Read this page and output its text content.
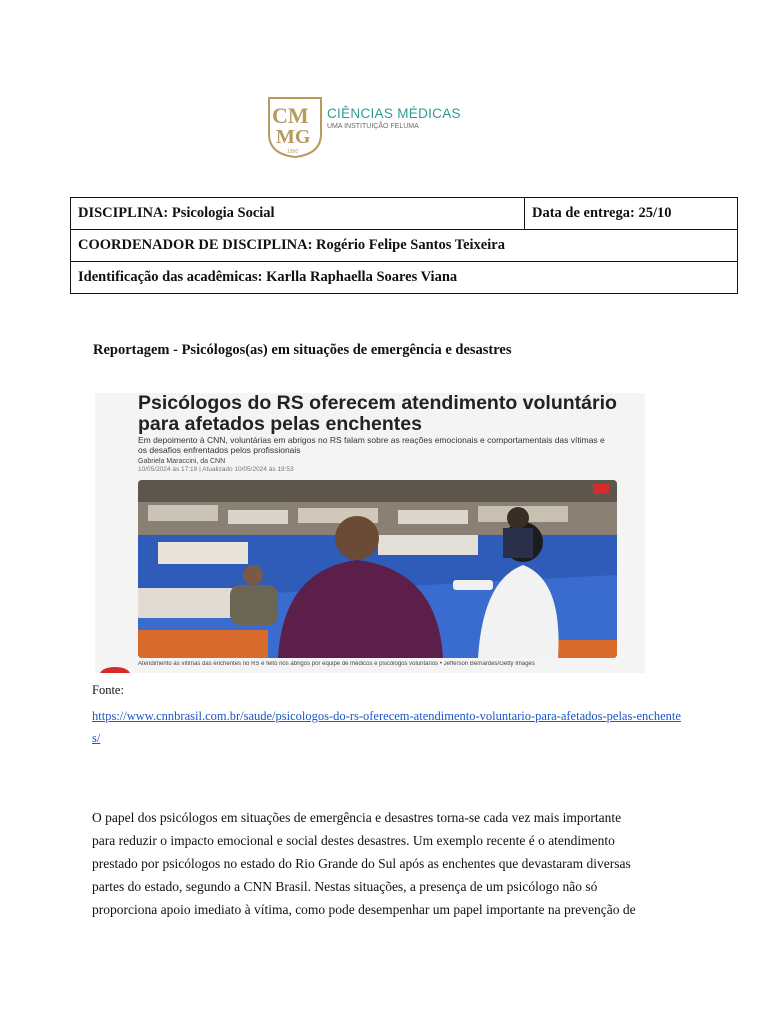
CM
MG
1950
CIÊNCIAS MÉDICAS
UMA INSTITUIÇÃO FELUMA
DISCIPLINA: Psicologia Social	Data de entrega: 25/10
COORDENADOR DE DISCIPLINA: Rogério Felipe Santos Teixeira
Identificação das acadêmicas: Karlla Raphaella Soares Viana
Reportagem - Psicólogos(as) em situações de emergência e desastres
Psicólogos do RS oferecem atendimento voluntário para afetados pelas enchentes
Em depoimento à CNN, voluntárias em abrigos no RS falam sobre as reações emocionais e comportamentais das vítimas e os desafios enfrentados pelos profissionais
Gabriela Maraccini, da CNN
10/05/2024 às 17:19 | Atualizado 10/05/2024 às 19:53
Atendimento às vítimas das enchentes no RS é feito nos abrigos por equipe de médicos e psicólogos voluntários • Jefferson Bernardes/Getty Images
Fonte:
https://www.cnnbrasil.com.br/saude/psicologos-do-rs-oferecem-atendimento-voluntario-para-afetados-pelas-enchentes/

O papel dos psicólogos em situações de emergência e desastres torna-se cada vez mais importante
para reduzir o impacto emocional e social destes desastres. Um exemplo recente é o atendimento
prestado por psicólogos no estado do Rio Grande do Sul após as enchentes que devastaram diversas
partes do estado, segundo a CNN Brasil. Nestas situações, a presença de um psicólogo não só
proporciona apoio imediato à vítima, como pode desempenhar um papel importante na prevenção de
